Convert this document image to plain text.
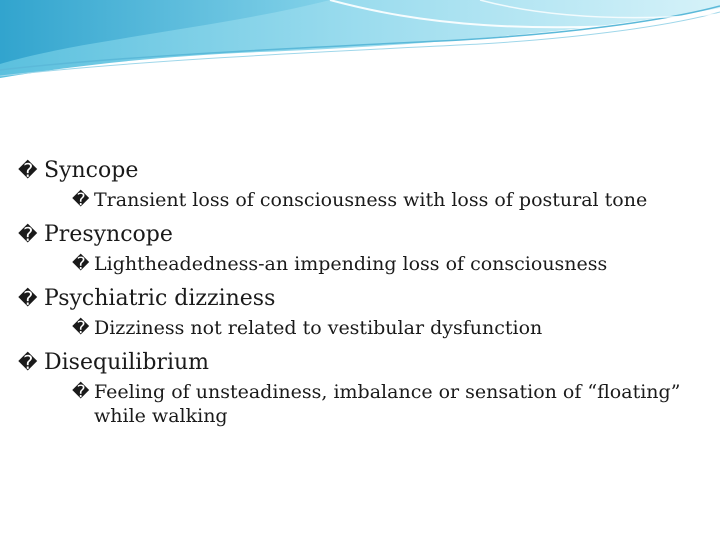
� Syncope
� Transient loss of consciousness with loss of postural tone
� Presyncope
� Lightheadedness-an impending loss of consciousness
� Psychiatric dizziness
� Dizziness not related to vestibular dysfunction
� Disequilibrium
� Feeling of unsteadiness, imbalance or sensation of “floating” while walking
